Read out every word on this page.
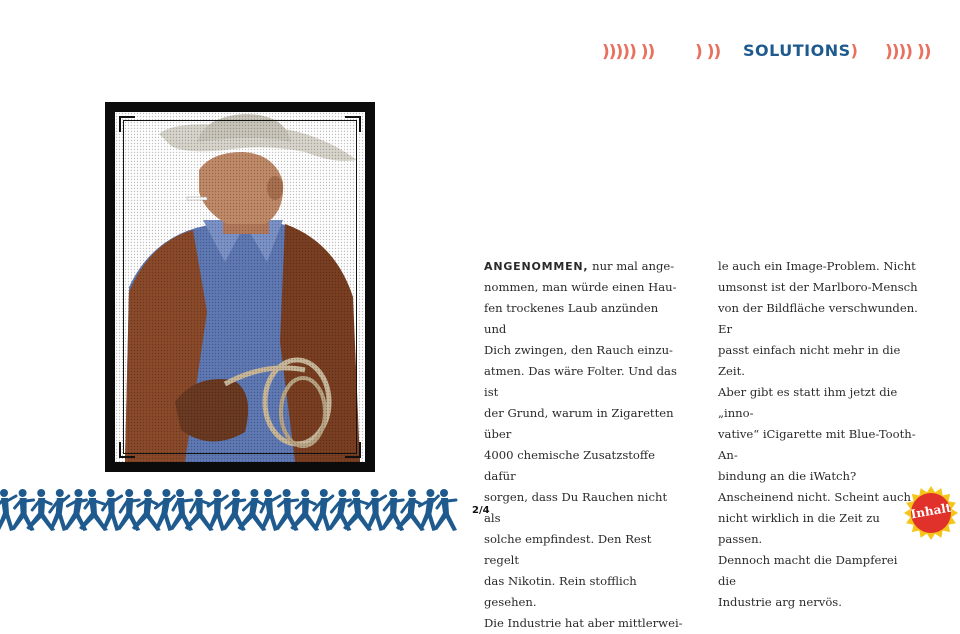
))))) )) ) )) SOLUTIONS) )))) ))

ANGENOMMEN, nur mal ange-

nommen, man würde einen Hau-

fen trockenes Laub anzünden und

Dich zwingen, den Rauch einzu-

atmen. Das wäre Folter. Und das ist

der Grund, warum in Zigaretten über

4000 chemische Zusatzstoffe dafür

sorgen, dass Du Rauchen nicht als

solche empfindest. Den Rest regelt

das Nikotin. Rein stofflich gesehen.

Die Industrie hat aber mittlerwei-

le auch ein Image-Problem. Nicht

umsonst ist der Marlboro-Mensch

von der Bildfläche verschwunden. Er

passt einfach nicht mehr in die Zeit.

Aber gibt es statt ihm jetzt die „inno-

vative“ iCigarette mit Blue-Tooth-An-

bindung an die iWatch?

Anscheinend nicht. Scheint auch

nicht wirklich in die Zeit zu passen.

Dennoch macht die Dampferei die

Industrie arg nervös.

2/4	Inhalt
